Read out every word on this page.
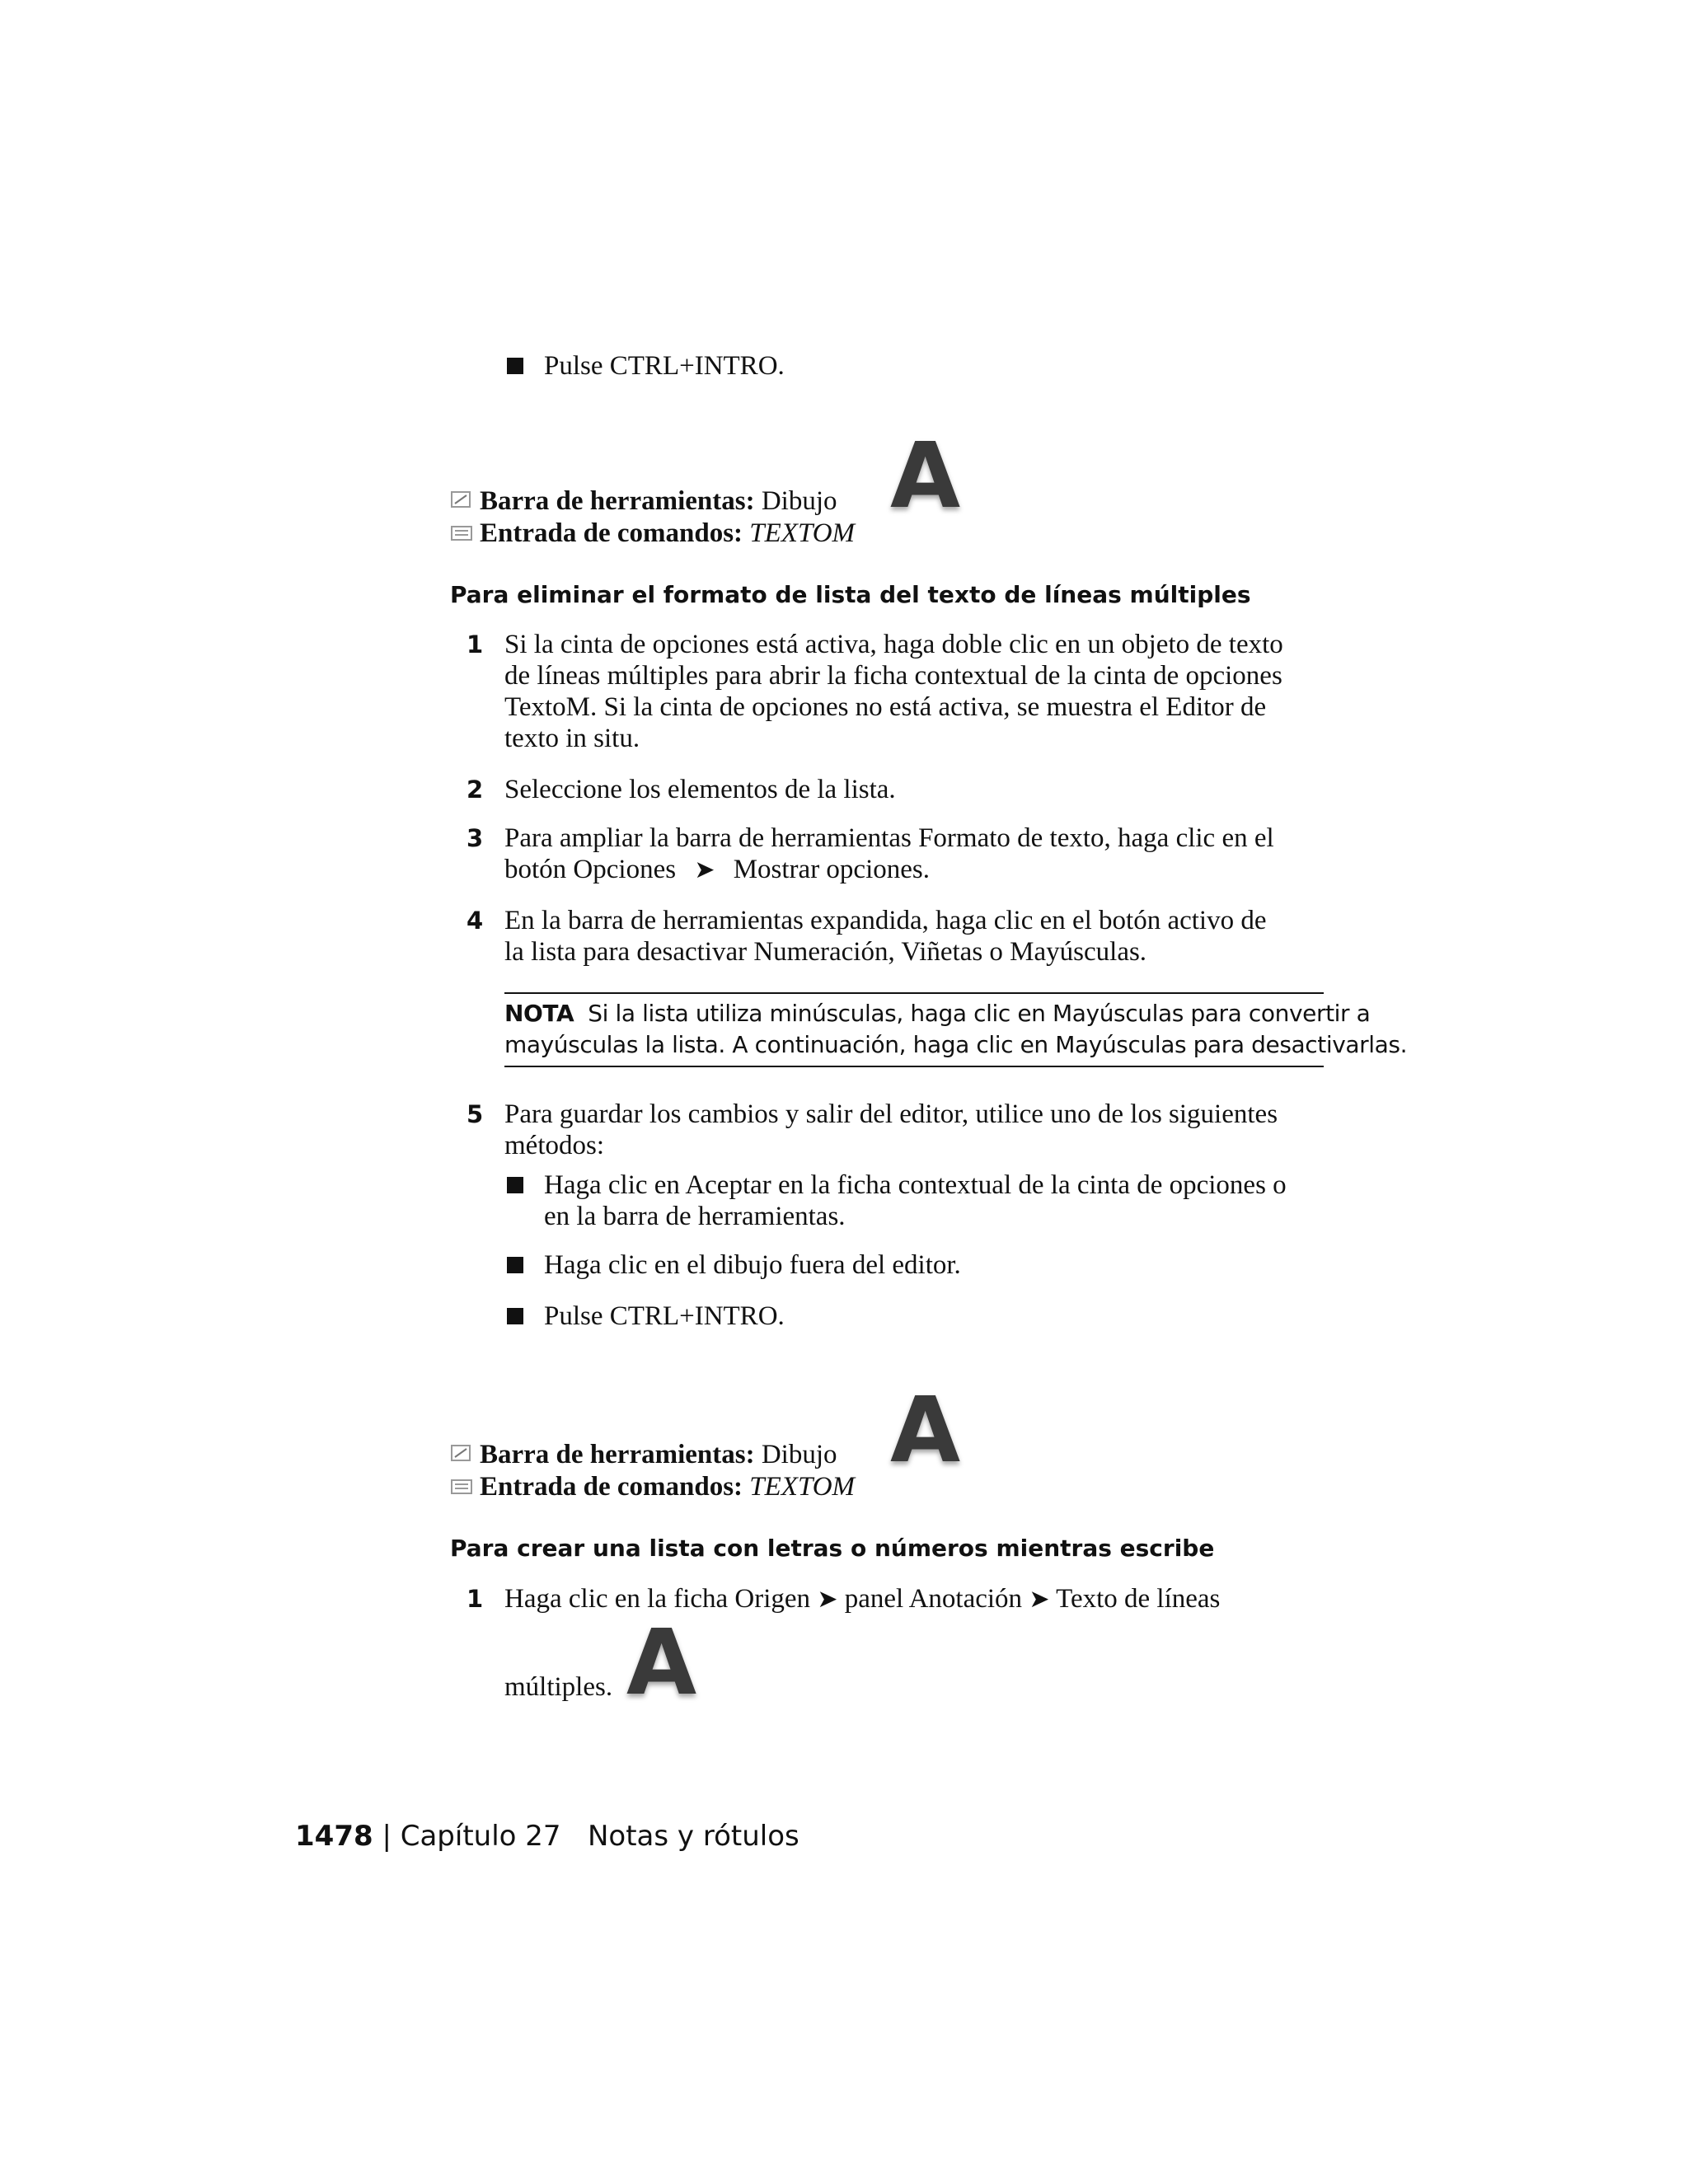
Pulse CTRL+INTRO.
Barra de herramientas: Dibujo A
Entrada de comandos: TEXTOM
Para eliminar el formato de lista del texto de líneas múltiples
1 Si la cinta de opciones está activa, haga doble clic en un objeto de texto
de líneas múltiples para abrir la ficha contextual de la cinta de opciones
TextoM. Si la cinta de opciones no está activa, se muestra el Editor de
texto in situ.
2 Seleccione los elementos de la lista.
3 Para ampliar la barra de herramientas Formato de texto, haga clic en el
botón Opciones ➤ Mostrar opciones.
4 En la barra de herramientas expandida, haga clic en el botón activo de
la lista para desactivar Numeración, Viñetas o Mayúsculas.
NOTA Si la lista utiliza minúsculas, haga clic en Mayúsculas para convertir a
mayúsculas la lista. A continuación, haga clic en Mayúsculas para desactivarlas.
5 Para guardar los cambios y salir del editor, utilice uno de los siguientes
métodos:
Haga clic en Aceptar en la ficha contextual de la cinta de opciones o
en la barra de herramientas.
Haga clic en el dibujo fuera del editor.
Pulse CTRL+INTRO.
Barra de herramientas: Dibujo A
Entrada de comandos: TEXTOM
Para crear una lista con letras o números mientras escribe
1 Haga clic en la ficha Origen ➤ panel Anotación ➤ Texto de líneas
múltiples. A
1478 | Capítulo 27 Notas y rótulos
